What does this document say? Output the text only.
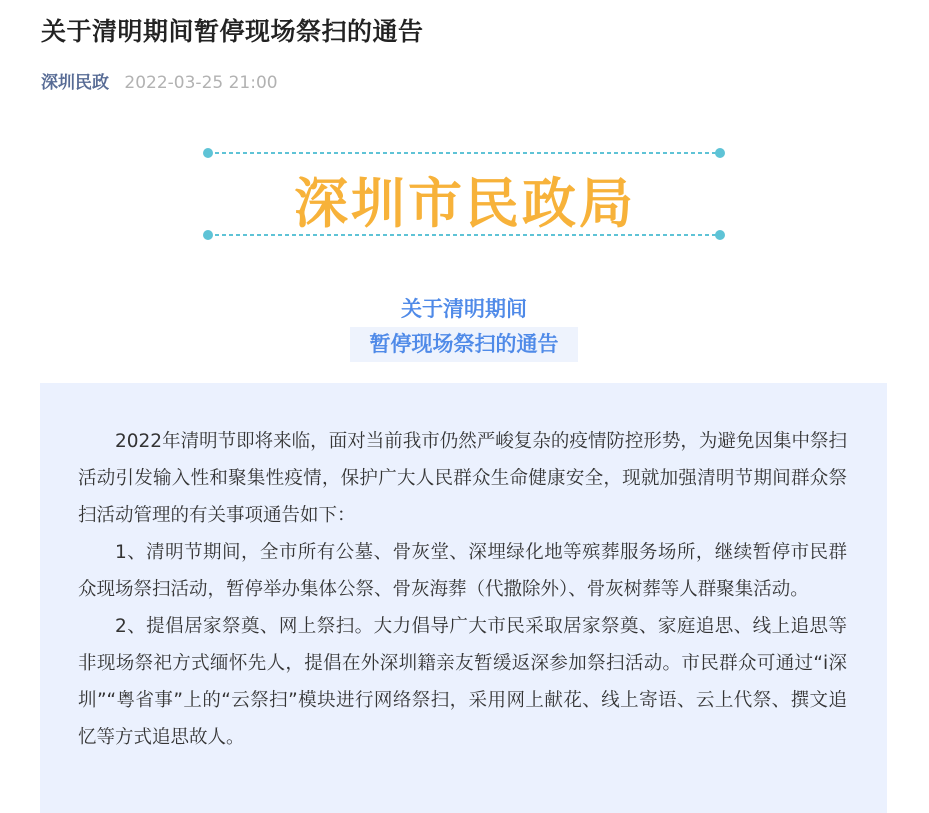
关于清明期间暂停现场祭扫的通告
深圳民政 2022-03-25 21:00
深圳市民政局
关于清明期间
暂停现场祭扫的通告

2022年清明节即将来临，面对当前我市仍然严峻复杂的疫情防控形势，为避免因集中祭扫活动引发输入性和聚集性疫情，保护广大人民群众生命健康安全，现就加强清明节期间群众祭扫活动管理的有关事项通告如下：

1、清明节期间，全市所有公墓、骨灰堂、深埋绿化地等殡葬服务场所，继续暂停市民群众现场祭扫活动，暂停举办集体公祭、骨灰海葬（代撒除外）、骨灰树葬等人群聚集活动。

2、提倡居家祭奠、网上祭扫。大力倡导广大市民采取居家祭奠、家庭追思、线上追思等非现场祭祀方式缅怀先人，提倡在外深圳籍亲友暂缓返深参加祭扫活动。市民群众可通过“i深圳”“粤省事”上的“云祭扫”模块进行网络祭扫，采用网上献花、线上寄语、云上代祭、撰文追忆等方式追思故人。
